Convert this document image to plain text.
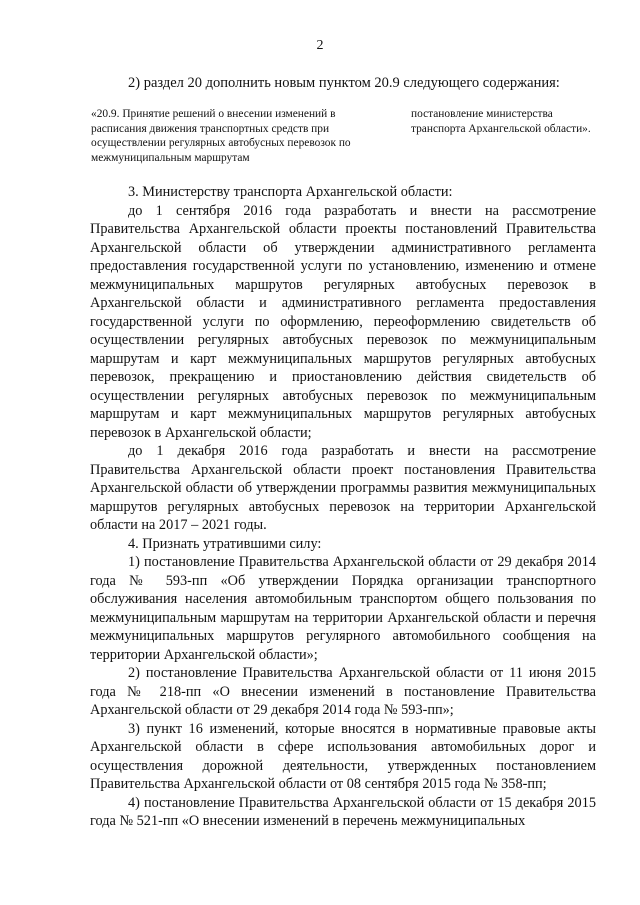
2
2) раздел 20 дополнить новым пунктом 20.9 следующего содержания:
«20.9. Принятие решений о внесении изменений в расписания движения транспортных средств при осуществлении регулярных автобусных перевозок по межмуниципальным маршрутам
постановление министерства транспорта Архангельской области».

3. Министерству транспорта Архангельской области:

до 1 сентября 2016 года разработать и внести на рассмотрение Правительства Архангельской области проекты постановлений Правительства Архангельской области об утверждении административного регламента предоставления государственной услуги по установлению, изменению и отмене межмуниципальных маршрутов регулярных автобусных перевозок в Архангельской области и административного регламента предоставления государственной услуги по оформлению, переоформлению свидетельств об осуществлении регулярных автобусных перевозок по межмуниципальным маршрутам и карт межмуниципальных маршрутов регулярных автобусных перевозок, прекращению и приостановлению действия свидетельств об осуществлении регулярных автобусных перевозок по межмуниципальным маршрутам и карт межмуниципальных маршрутов регулярных автобусных перевозок в Архангельской области;

до 1 декабря 2016 года разработать и внести на рассмотрение Правительства Архангельской области проект постановления Правительства Архангельской области об утверждении программы развития межмуниципальных маршрутов регулярных автобусных перевозок на территории Архангельской области на 2017 – 2021 годы.

4. Признать утратившими силу:

1) постановление Правительства Архангельской области от 29 декабря 2014 года № 593-пп «Об утверждении Порядка организации транспортного обслуживания населения автомобильным транспортом общего пользования по межмуниципальным маршрутам на территории Архангельской области и перечня межмуниципальных маршрутов регулярного автомобильного сообщения на территории Архангельской области»;

2) постановление Правительства Архангельской области от 11 июня 2015 года № 218-пп «О внесении изменений в постановление Правительства Архангельской области от 29 декабря 2014 года № 593-пп»;

3) пункт 16 изменений, которые вносятся в нормативные правовые акты Архангельской области в сфере использования автомобильных дорог и осуществления дорожной деятельности, утвержденных постановлением Правительства Архангельской области от 08 сентября 2015 года № 358-пп;

4) постановление Правительства Архангельской области от 15 декабря 2015 года № 521-пп «О внесении изменений в перечень межмуниципальных
